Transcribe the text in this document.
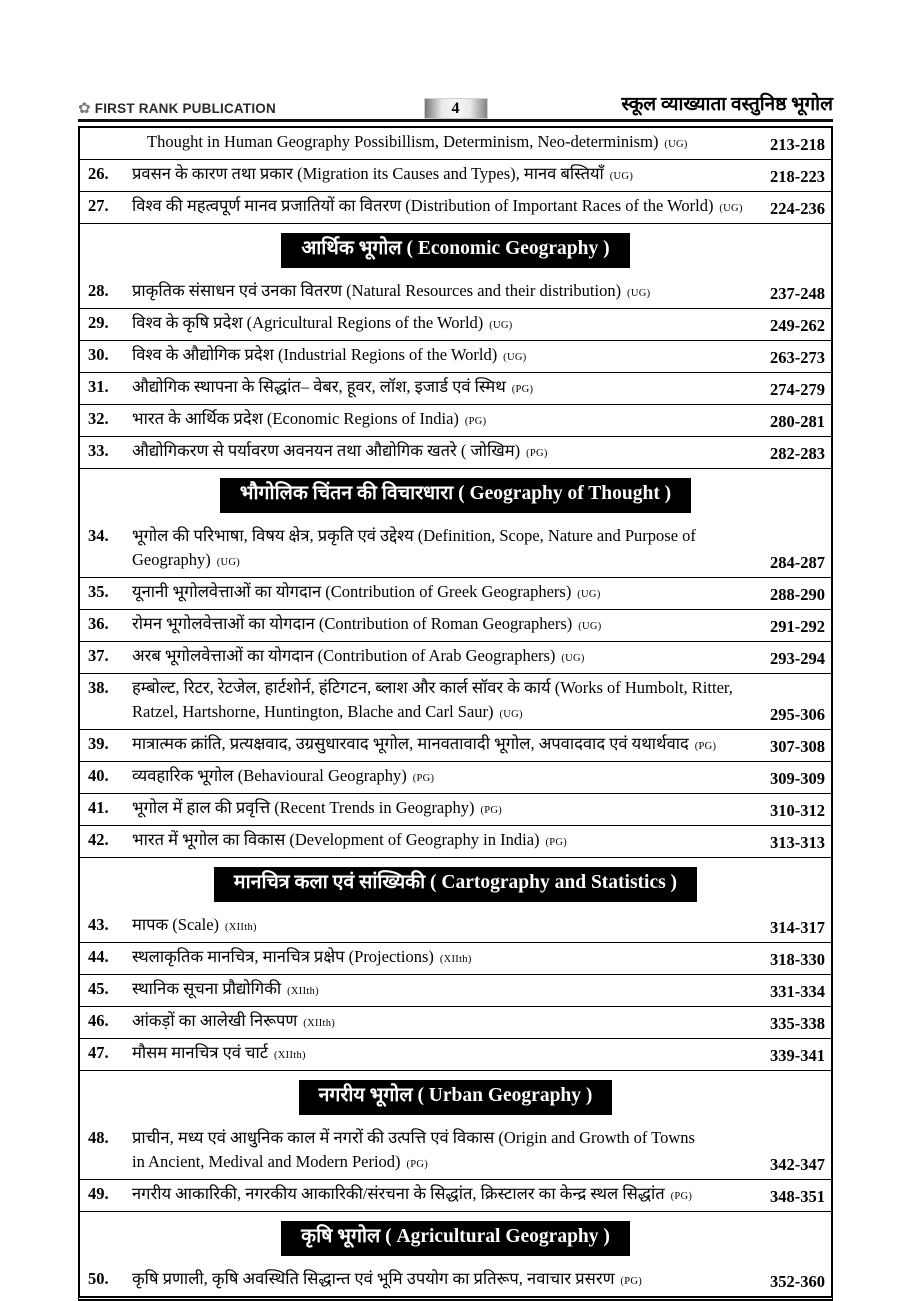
✿ FIRST RANK PUBLICATION	स्कूल व्याख्याता वस्तुनिष्ठ भूगोल
4
Thought in Human Geography Possibillism, Determinism, Neo-determinism) (UG)	213-218
26.	प्रवसन के कारण तथा प्रकार (Migration its Causes and Types), मानव बस्तियाँ (UG)	218-223
27.	विश्व की महत्वपूर्ण मानव प्रजातियों का वितरण (Distribution of Important Races of the World) (UG)	224-236
आर्थिक भूगोल ( Economic Geography )
28.	प्राकृतिक संसाधन एवं उनका वितरण (Natural Resources and their distribution) (UG)	237-248
29.	विश्व के कृषि प्रदेश (Agricultural Regions of the World) (UG)	249-262
30.	विश्व के औद्योगिक प्रदेश (Industrial Regions of the World) (UG)	263-273
31.	औद्योगिक स्थापना के सिद्धांत– वेबर, हूवर, लॉश, इजार्ड एवं स्मिथ (PG)	274-279
32.	भारत के आर्थिक प्रदेश (Economic Regions of India) (PG)	280-281
33.	औद्योगिकरण से पर्यावरण अवनयन तथा औद्योगिक खतरे ( जोखिम) (PG)	282-283
भौगोलिक चिंतन की विचारधारा ( Geography of Thought )
34.	भूगोल की परिभाषा, विषय क्षेत्र, प्रकृति एवं उद्देश्य (Definition, Scope, Nature and Purpose of Geography) (UG)	284-287
35.	यूनानी भूगोलवेत्ताओं का योगदान (Contribution of Greek Geographers) (UG)	288-290
36.	रोमन भूगोलवेत्ताओं का योगदान (Contribution of Roman Geographers) (UG)	291-292
37.	अरब भूगोलवेत्ताओं का योगदान (Contribution of Arab Geographers) (UG)	293-294
38.	हम्बोल्ट, रिटर, रेटजेल, हार्टशोर्न, हंटिगटन, ब्लाश और कार्ल सॉवर के कार्य (Works of Humbolt, Ritter,
Ratzel, Hartshorne, Huntington, Blache and Carl Saur) (UG)	295-306
39.	मात्रात्मक क्रांति, प्रत्यक्षवाद, उग्रसुधारवाद भूगोल, मानवतावादी भूगोल, अपवादवाद एवं यथार्थवाद (PG)	307-308
40.	व्यवहारिक भूगोल (Behavioural Geography) (PG)	309-309
41.	भूगोल में हाल की प्रवृत्ति (Recent Trends in Geography) (PG)	310-312
42.	भारत में भूगोल का विकास (Development of Geography in India) (PG)	313-313
मानचित्र कला एवं सांख्यिकी ( Cartography and Statistics )
43.	मापक (Scale) (XIIth)	314-317
44.	स्थलाकृतिक मानचित्र, मानचित्र प्रक्षेप (Projections) (XIIth)	318-330
45.	स्थानिक सूचना प्रौद्योगिकी (XIIth)	331-334
46.	आंकड़ों का आलेखी निरूपण (XIIth)	335-338
47.	मौसम मानचित्र एवं चार्ट (XIIth)	339-341
नगरीय भूगोल ( Urban Geography )
48.	प्राचीन, मध्य एवं आधुनिक काल में नगरों की उत्पत्ति एवं विकास (Origin and Growth of Towns
in Ancient, Medival and Modern Period) (PG)	342-347
49.	नगरीय आकारिकी, नगरकीय आकारिकी/संरचना के सिद्धांत, क्रिस्टालर का केन्द्र स्थल सिद्धांत (PG)	348-351
कृषि भूगोल ( Agricultural Geography )
50.	कृषि प्रणाली, कृषि अवस्थिति सिद्धान्त एवं भूमि उपयोग का प्रतिरूप, नवाचार प्रसरण (PG)	352-360
